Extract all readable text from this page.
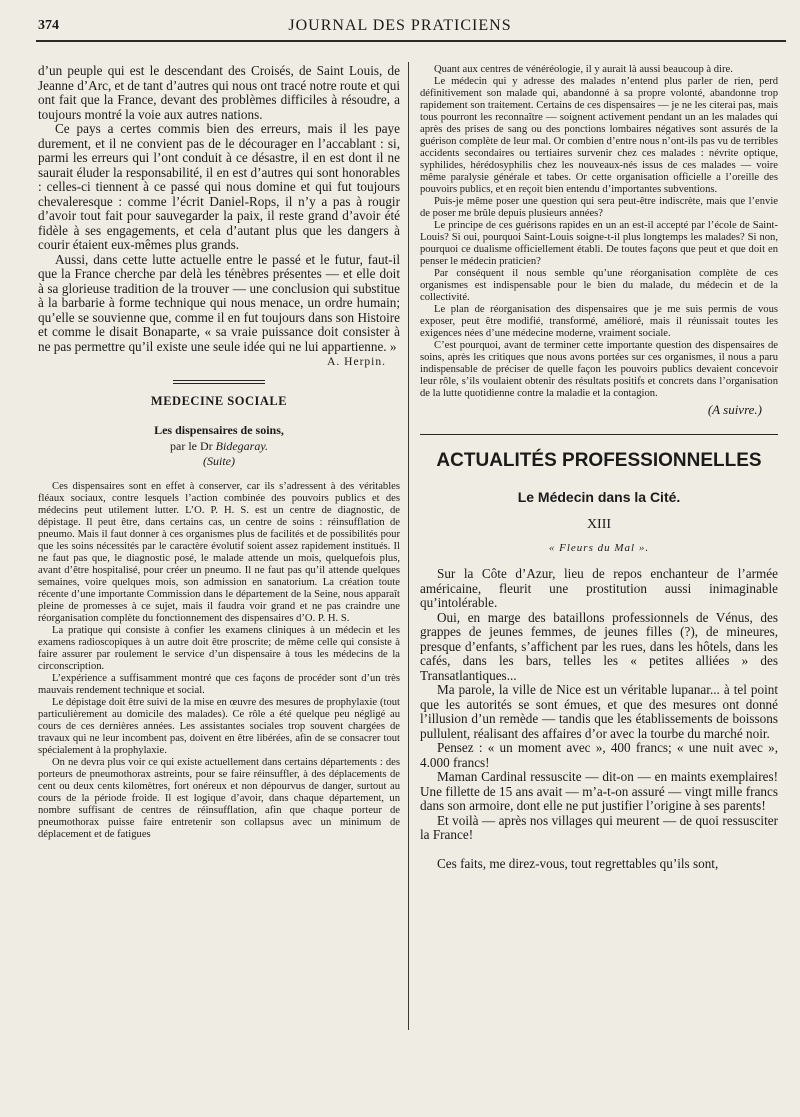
374	JOURNAL DES PRATICIENS

d’un peuple qui est le descendant des Croisés, de Saint Louis, de Jeanne d’Arc, et de tant d’autres qui nous ont tracé notre route et qui ont fait que la France, devant des problèmes difficiles à résoudre, a toujours montré la voie aux autres nations.

Ce pays a certes commis bien des erreurs, mais il les paye durement, et il ne convient pas de le décourager en l’accablant : si, parmi les erreurs qui l’ont conduit à ce désastre, il en est dont il ne saurait éluder la responsabilité, il en est d’autres qui sont honorables : celles-ci tiennent à ce passé qui nous domine et qui fut toujours chevaleresque : comme l’écrit Daniel-Rops, il n’y a pas à rougir d’avoir tout fait pour sauvegarder la paix, il reste grand d’avoir été fidèle à ses engagements, et cela d’autant plus que les dangers à courir étaient eux-mêmes plus grands.

Aussi, dans cette lutte actuelle entre le passé et le futur, faut-il que la France cherche par delà les ténèbres présentes — et elle doit à sa glorieuse tradition de la trouver — une conclusion qui substitue à la barbarie à forme technique qui nous menace, un ordre humain; qu’elle se souvienne que, comme il en fut toujours dans son Histoire et comme le disait Bonaparte, « sa vraie puissance doit consister à ne pas permettre qu’il existe une seule idée qui ne lui appartienne. »

A. Herpin.
MEDECINE SOCIALE
Les dispensaires de soins,
par le Dr Bidegaray.
(Suite)

Ces dispensaires sont en effet à conserver, car ils s’adressent à des véritables fléaux sociaux, contre lesquels l’action combinée des pouvoirs publics et des médecins peut utilement lutter. L’O. P. H. S. est un centre de diagnostic, de dépistage. Il peut être, dans certains cas, un centre de soins : réinsufflation de pneumo. Mais il faut donner à ces organismes plus de facilités et de possibilités pour que les soins nécessités par le caractère évolutif soient assez rapidement institués. Il ne faut pas que, le diagnostic posé, le malade attende un mois, quelquefois plus, avant d’être hospitalisé, pour créer un pneumo. Il ne faut pas qu’il attende quelques semaines, voire quelques mois, son admission en sanatorium. La création toute récente d’une importante Commission dans le département de la Seine, nous apparaît pleine de promesses à ce sujet, mais il faudra voir grand et ne pas craindre une réorganisation complète du fonctionnement des dispensaires d’O. P. H. S.

La pratique qui consiste à confier les examens cliniques à un médecin et les examens radioscopiques à un autre doit être proscrite; de même celle qui consiste à faire assurer par roulement le service d’un dispensaire à tous les médecins de la circonscription.

L’expérience a suffisamment montré que ces façons de procéder sont d’un très mauvais rendement technique et social.

Le dépistage doit être suivi de la mise en œuvre des mesures de prophylaxie (tout particulièrement au domicile des malades). Ce rôle a été quelque peu négligé au cours de ces dernières années. Les assistantes sociales trop souvent chargées de travaux qui ne leur incombent pas, doivent en être libérées, afin de se consacrer tout spécialement à la prophylaxie.

On ne devra plus voir ce qui existe actuellement dans certains départements : des porteurs de pneumothorax astreints, pour se faire réinsuffler, à des déplacements de cent ou deux cents kilomètres, fort onéreux et non dépourvus de danger, surtout au cours de la période froide. Il est logique d’avoir, dans chaque département, un nombre suffisant de centres de réinsufflation, afin que chaque porteur de pneumothorax puisse faire entretenir son collapsus avec un minimum de déplacement et de fatigues

Quant aux centres de vénéréologie, il y aurait là aussi beaucoup à dire.

Le médecin qui y adresse des malades n’entend plus parler de rien, perd définitivement son malade qui, abandonné à sa propre volonté, abandonne trop rapidement son traitement. Certains de ces dispensaires — je ne les citerai pas, mais tous pourront les reconnaître — soignent activement pendant un an les malades qui après des prises de sang ou des ponctions lombaires négatives sont assurés de la guérison complète de leur mal. Or combien d’entre nous n’ont-ils pas vu de terribles accidents secondaires ou tertiaires survenir chez ces malades : névrite optique, syphilides, hérédosyphilis chez les nouveaux-nés issus de ces malades — voire même paralysie générale et tabes. Or cette organisation officielle a l’oreille des pouvoirs publics, et en reçoit bien entendu d’importantes subventions.

Puis-je même poser une question qui sera peut-être indiscrète, mais que l’envie de poser me brûle depuis plusieurs années?

Le principe de ces guérisons rapides en un an est-il accepté par l’école de Saint-Louis? Si oui, pourquoi Saint-Louis soigne-t-il plus longtemps les malades? Si non, pourquoi ce dualisme officiellement établi. De toutes façons que peut et que doit en penser le médecin praticien?

Par conséquent il nous semble qu’une réorganisation complète de ces organismes est indispensable pour le bien du malade, du médecin et de la collectivité.

Le plan de réorganisation des dispensaires que je me suis permis de vous exposer, peut être modifié, transformé, amélioré, mais il réunissait toutes les exigences nées d’une médecine moderne, vraiment sociale.

C’est pourquoi, avant de terminer cette importante question des dispensaires de soins, après les critiques que nous avons portées sur ces organismes, il nous a paru indispensable de préciser de quelle façon les pouvoirs publics devaient concevoir leur rôle, s’ils voulaient obtenir des résultats positifs et concrets dans l’organisation de la lutte quotidienne contre la maladie et la contagion.

(A suivre.)
ACTUALITÉS PROFESSIONNELLES
Le Médecin dans la Cité.
XIII
« Fleurs du Mal ».

Sur la Côte d’Azur, lieu de repos enchanteur de l’armée américaine, fleurit une prostitution aussi inimaginable qu’intolérable.

Oui, en marge des bataillons professionnels de Vénus, des grappes de jeunes femmes, de jeunes filles (?), de mineures, presque d’enfants, s’affichent par les rues, dans les hôtels, dans les cafés, dans les bars, telles les « petites alliées » des Transatlantiques...

Ma parole, la ville de Nice est un véritable lupanar... à tel point que les autorités se sont émues, et que des mesures ont donné l’illusion d’un remède — tandis que les établissements de boissons pullulent, réalisant des affaires d’or avec la tourbe du marché noir.

Pensez : « un moment avec », 400 francs; « une nuit avec », 4.000 francs!

Maman Cardinal ressuscite — dit-on — en maints exemplaires! Une fillette de 15 ans avait — m’a-t-on assuré — vingt mille francs dans son armoire, dont elle ne put justifier l’origine à ses parents!

Et voilà — après nos villages qui meurent — de quoi ressusciter la France!

Ces faits, me direz-vous, tout regrettables qu’ils sont,
